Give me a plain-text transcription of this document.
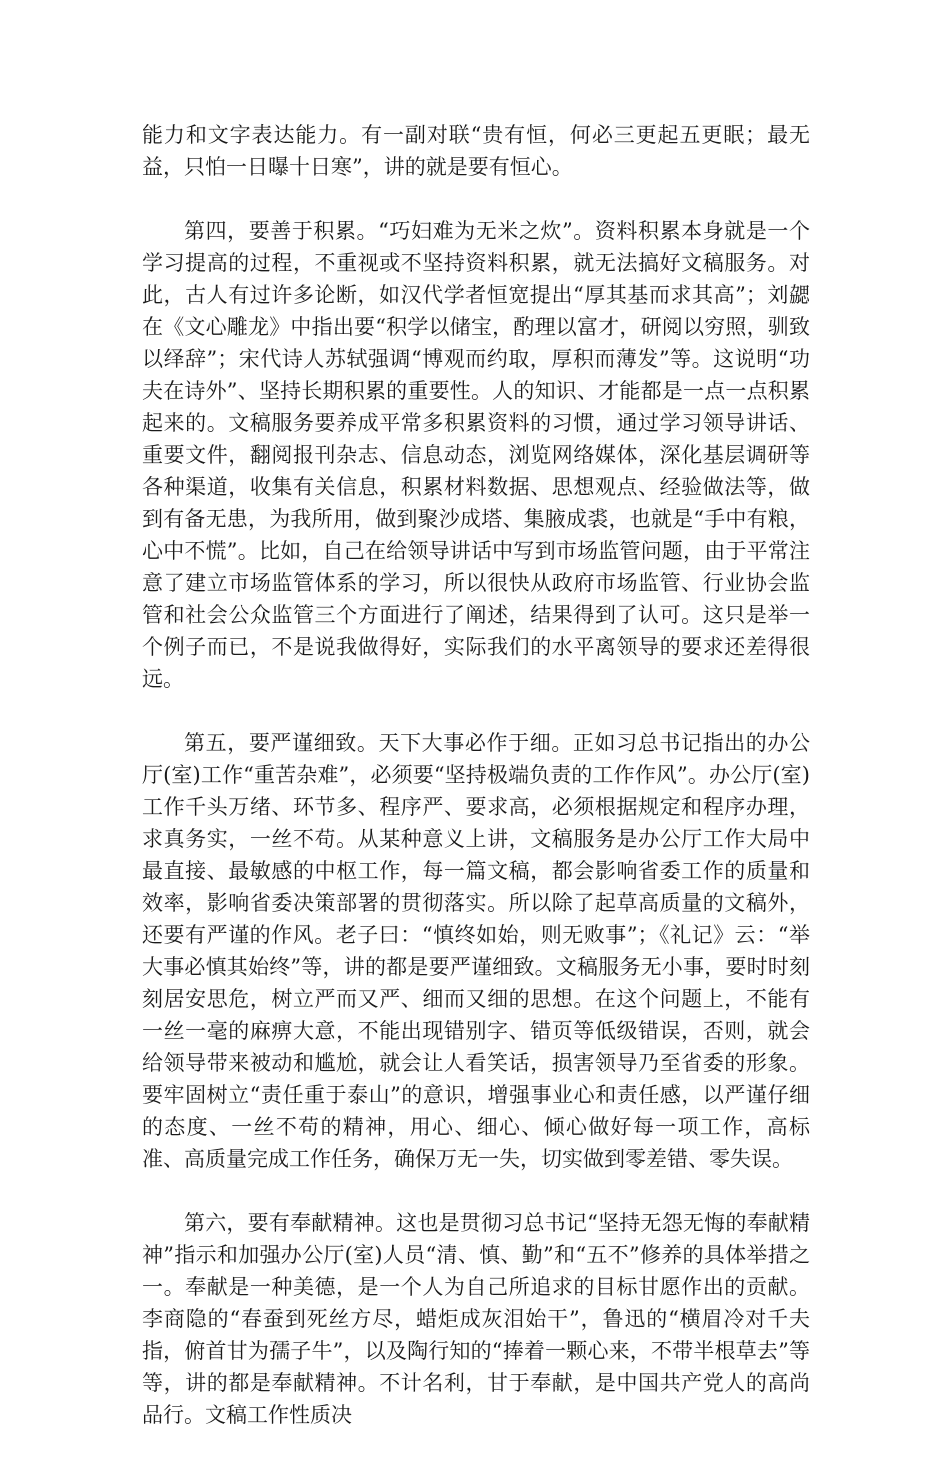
能力和文字表达能力。有一副对联“贵有恒，何必三更起五更眠；最无益，只怕一日曝十日寒”，讲的就是要有恒心。

第四，要善于积累。“巧妇难为无米之炊”。资料积累本身就是一个学习提高的过程，不重视或不坚持资料积累，就无法搞好文稿服务。对此，古人有过许多论断，如汉代学者恒宽提出“厚其基而求其高”；刘勰在《文心雕龙》中指出要“积学以储宝，酌理以富才，研阅以穷照，驯致以绎辞”；宋代诗人苏轼强调“博观而约取，厚积而薄发”等。这说明“功夫在诗外”、坚持长期积累的重要性。人的知识、才能都是一点一点积累起来的。文稿服务要养成平常多积累资料的习惯，通过学习领导讲话、重要文件，翻阅报刊杂志、信息动态，浏览网络媒体，深化基层调研等各种渠道，收集有关信息，积累材料数据、思想观点、经验做法等，做到有备无患，为我所用，做到聚沙成塔、集腋成裘，也就是“手中有粮，心中不慌”。比如，自己在给领导讲话中写到市场监管问题，由于平常注意了建立市场监管体系的学习，所以很快从政府市场监管、行业协会监管和社会公众监管三个方面进行了阐述，结果得到了认可。这只是举一个例子而已，不是说我做得好，实际我们的水平离领导的要求还差得很远。

第五，要严谨细致。天下大事必作于细。正如习总书记指出的办公厅(室)工作“重苦杂难”，必须要“坚持极端负责的工作作风”。办公厅(室)工作千头万绪、环节多、程序严、要求高，必须根据规定和程序办理，求真务实，一丝不苟。从某种意义上讲，文稿服务是办公厅工作大局中最直接、最敏感的中枢工作，每一篇文稿，都会影响省委工作的质量和效率，影响省委决策部署的贯彻落实。所以除了起草高质量的文稿外，还要有严谨的作风。老子曰：“慎终如始，则无败事”；《礼记》云：“举大事必慎其始终”等，讲的都是要严谨细致。文稿服务无小事，要时时刻刻居安思危，树立严而又严、细而又细的思想。在这个问题上，不能有一丝一毫的麻痹大意，不能出现错别字、错页等低级错误，否则，就会给领导带来被动和尴尬，就会让人看笑话，损害领导乃至省委的形象。要牢固树立“责任重于泰山”的意识，增强事业心和责任感，以严谨仔细的态度、一丝不苟的精神，用心、细心、倾心做好每一项工作，高标准、高质量完成工作任务，确保万无一失，切实做到零差错、零失误。

第六，要有奉献精神。这也是贯彻习总书记“坚持无怨无悔的奉献精神”指示和加强办公厅(室)人员“清、慎、勤”和“五不”修养的具体举措之一。奉献是一种美德，是一个人为自己所追求的目标甘愿作出的贡献。李商隐的“春蚕到死丝方尽，蜡炬成灰泪始干”，鲁迅的“横眉冷对千夫指，俯首甘为孺子牛”，以及陶行知的“捧着一颗心来，不带半根草去”等等，讲的都是奉献精神。不计名利，甘于奉献，是中国共产党人的高尚品行。文稿工作性质决
